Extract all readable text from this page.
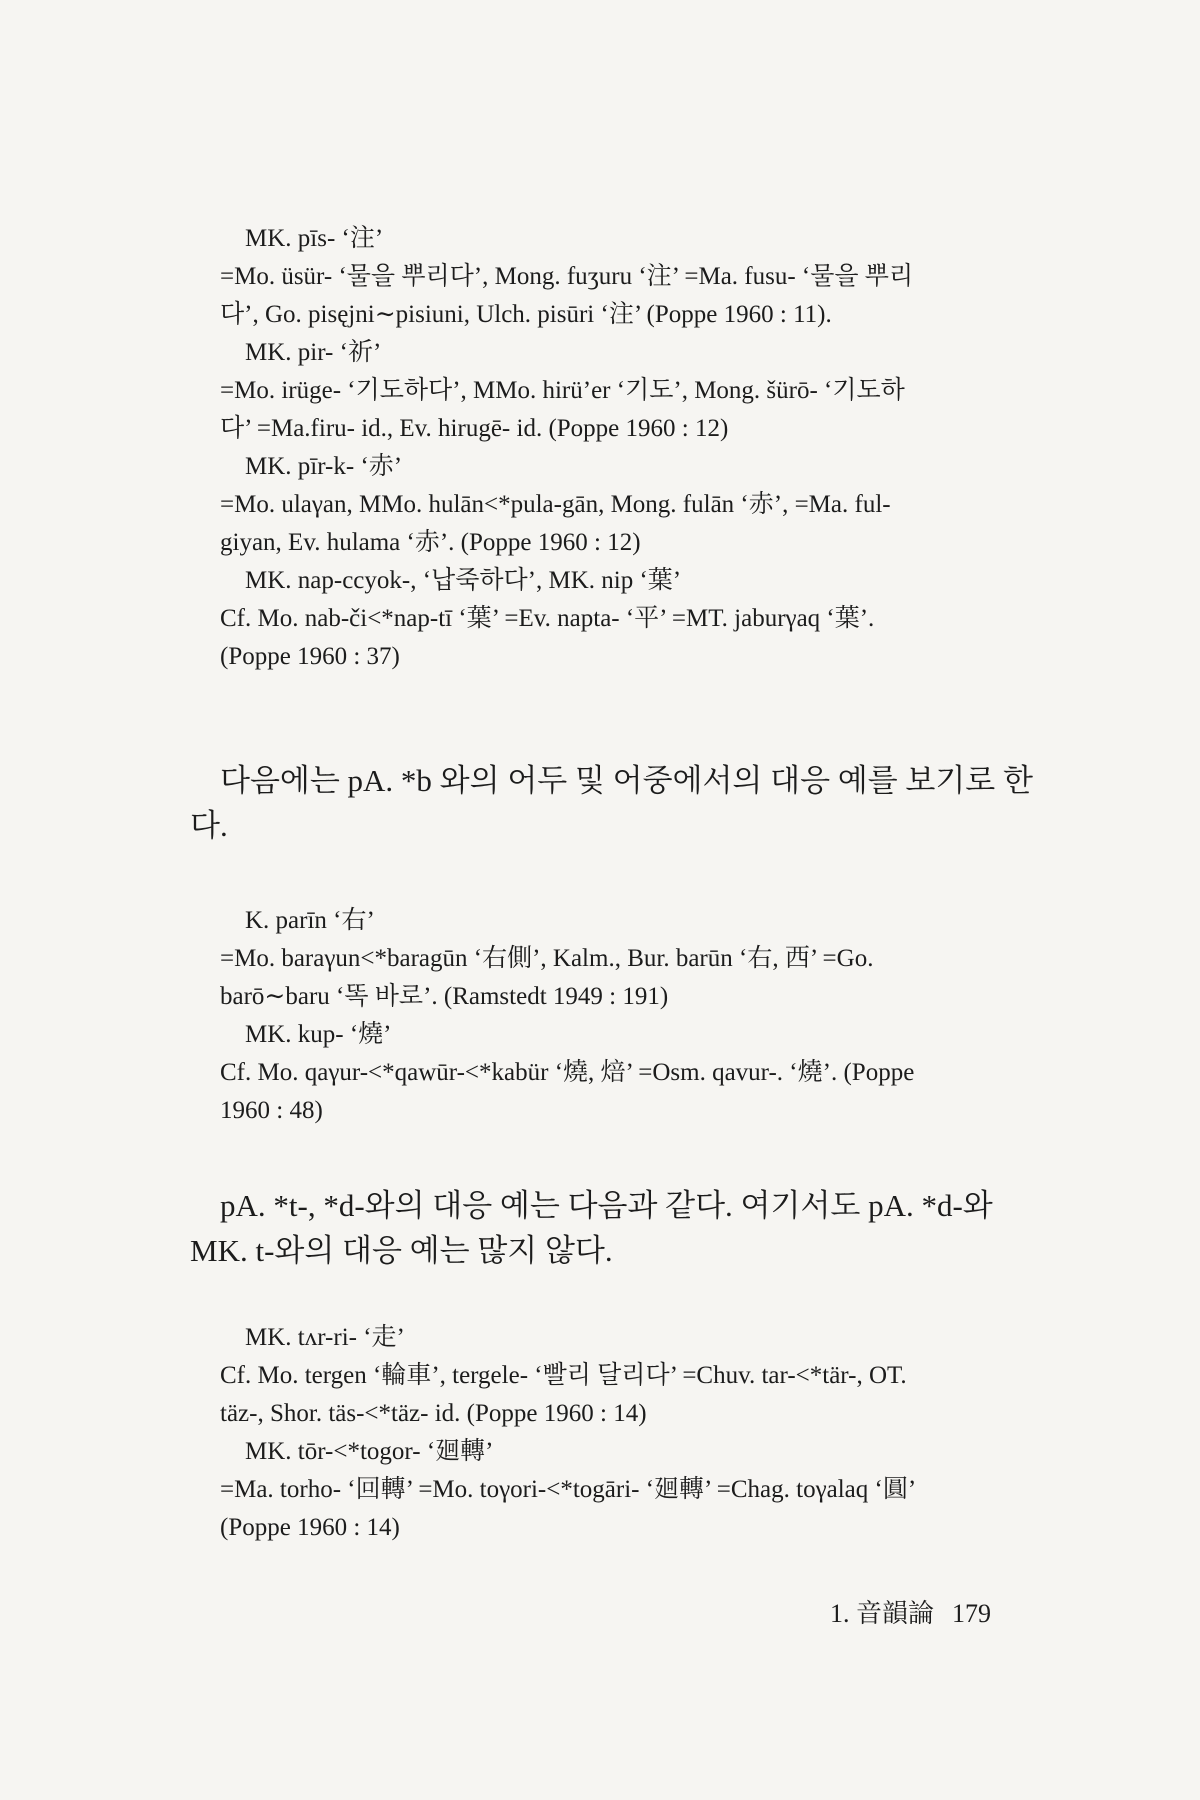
MK. pīs- ‘注’
=Mo. üsür- ‘물을 뿌리다’, Mong. fuʒuru ‘注’ =Ma. fusu- ‘물을 뿌리
다’, Go. pisęjni∼pisiuni, Ulch. pisūri ‘注’ (Poppe 1960 : 11).
MK. pir- ‘祈’
=Mo. irüge- ‘기도하다’, MMo. hirü’er ‘기도’, Mong. šürō- ‘기도하
다’ =Ma.firu- id., Ev. hirugē- id. (Poppe 1960 : 12)
MK. pīr-k- ‘赤’
=Mo. ulaγan, MMo. hulān<*pula-gān, Mong. fulān ‘赤’, =Ma. ful-
giyan, Ev. hulama ‘赤’. (Poppe 1960 : 12)
MK. nap-ccyok-, ‘납죽하다’, MK. nip ‘葉’
Cf. Mo. nab-či<*nap-tī ‘葉’ =Ev. napta- ‘平’ =MT. jaburγaq ‘葉’.
(Poppe 1960 : 37)
다음에는 pA. *b 와의 어두 및 어중에서의 대응 예를 보기로 한
다.
K. parīn ‘右’
=Mo. baraγun<*baragūn ‘右側’, Kalm., Bur. barūn ‘右, 西’ =Go.
barō∼baru ‘똑 바로’. (Ramstedt 1949 : 191)
MK. kup- ‘燒’
Cf. Mo. qaγur-<*qawūr-<*kabür ‘燒, 焙’ =Osm. qavur-. ‘燒’. (Poppe
1960 : 48)
pA. *t-, *d-와의 대응 예는 다음과 같다. 여기서도 pA. *d-와
MK. t-와의 대응 예는 많지 않다.
MK. tʌr-ri- ‘走’
Cf. Mo. tergen ‘輪車’, tergele- ‘빨리 달리다’ =Chuv. tar-<*tär-, OT.
täz-, Shor. täs-<*täz- id. (Poppe 1960 : 14)
MK. tōr-<*togor- ‘廻轉’
=Ma. torho- ‘回轉’ =Mo. toγori-<*togāri- ‘廻轉’ =Chag. toγalaq ‘圓’
(Poppe 1960 : 14)
1. 音韻論 179
